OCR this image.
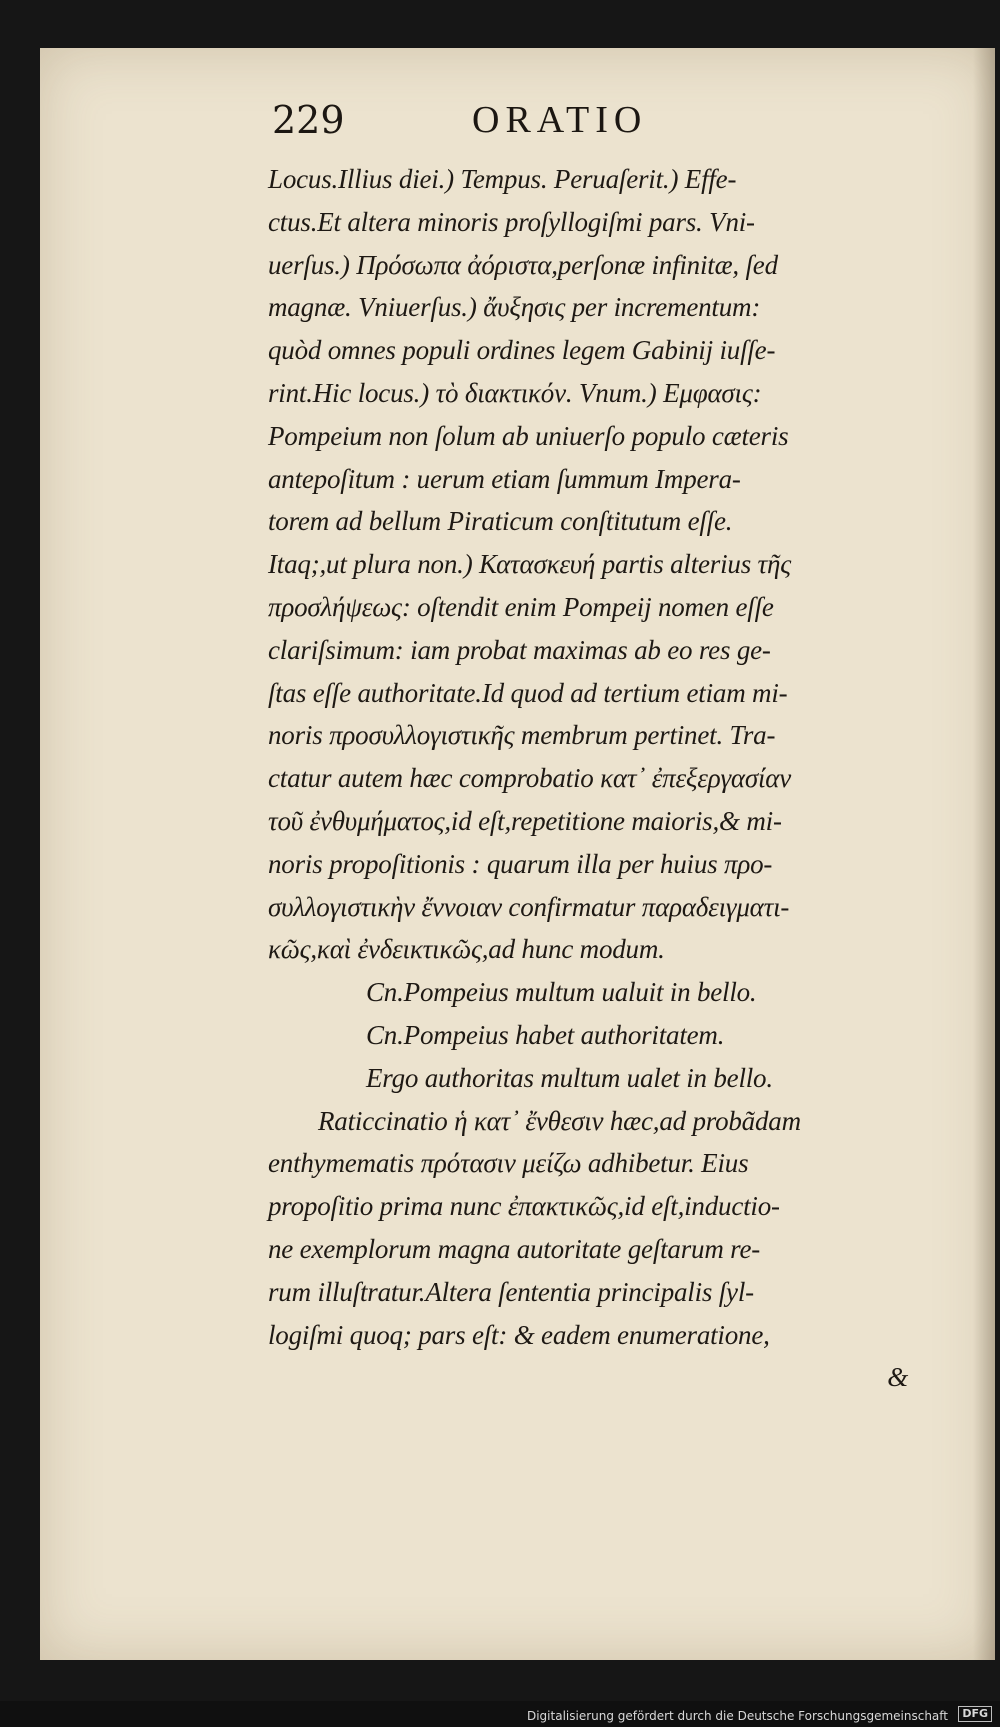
229	ORATIO
Locus.Illius diei.) Tempus. Peruaſerit.) Effe-
ctus.Et altera minoris proſyllogiſmi pars. Vni-
uerſus.) Πρόσωπα ἀόριστα,perſonæ infinitæ, ſed
magnæ. Vniuerſus.) ἄυξησις per incrementum:
quòd omnes populi ordines legem Gabinij iuſſe-
rint.Hic locus.) τὸ διακτικόν. Vnum.) Εμφασις:
Pompeium non ſolum ab uniuerſo populo cæteris
antepoſitum : uerum etiam ſummum Impera-
torem ad bellum Piraticum conſtitutum eſſe.
Itaq;,ut plura non.) Κατασκευή partis alterius τῆς
προσλήψεως: oſtendit enim Pompeij nomen eſſe
clariſsimum: iam probat maximas ab eo res ge-
ſtas eſſe authoritate.Id quod ad tertium etiam mi-
noris προσυλλογιστικῆς membrum pertinet. Tra-
ctatur autem hæc comprobatio κατ᾽ ἐπεξεργασίαν
τοῦ ἐνθυμήματος,id eſt,repetitione maioris,& mi-
noris propoſitionis : quarum illa per huius προ-
συλλογιστικὴν ἔννοιαν confirmatur παραδειγματι-
κῶς,καὶ ἐνδεικτικῶς,ad hunc modum.
Cn.Pompeius multum ualuit in bello.
Cn.Pompeius habet authoritatem.
Ergo authoritas multum ualet in bello.
Raticcinatio ἡ κατ᾽ ἔνθεσιν hæc,ad probãdam
enthymematis πρότασιν μείζω adhibetur. Eius
propoſitio prima nunc ἐπακτικῶς,id eſt,inductio-
ne exemplorum magna autoritate geſtarum re-
rum illuſtratur.Altera ſententia principalis ſyl-
logiſmi quoq; pars eſt: & eadem enumeratione,
&
Digitalisierung gefördert durch die Deutsche Forschungsgemeinschaft	DFG
